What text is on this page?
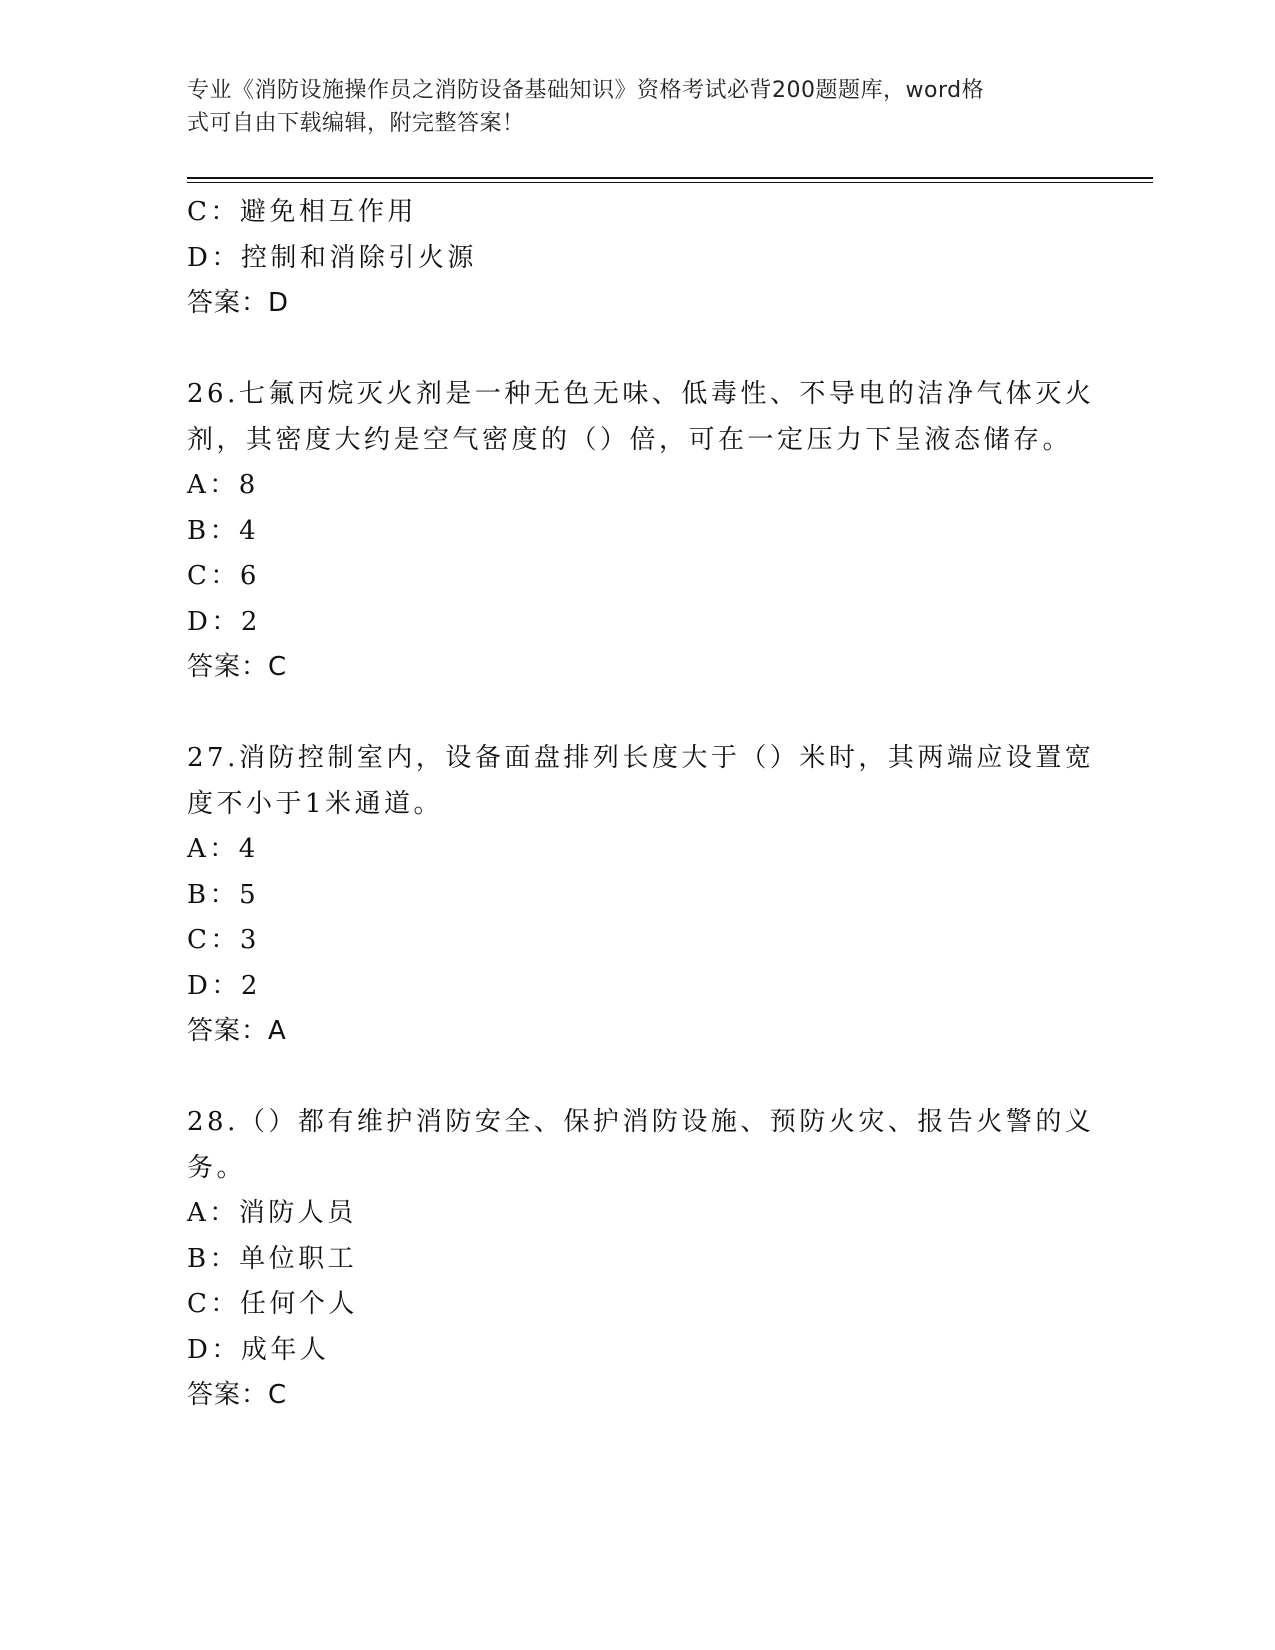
专业《消防设施操作员之消防设备基础知识》资格考试必背200题题库，word格
式可自由下载编辑，附完整答案！
C：避免相互作用
D：控制和消除引火源
答案：D
26.七氟丙烷灭火剂是一种无色无味、低毒性、不导电的洁净气体灭火
剂，其密度大约是空气密度的（）倍，可在一定压力下呈液态储存。
A：8
B：4
C：6
D：2
答案：C
27.消防控制室内，设备面盘排列长度大于（）米时，其两端应设置宽
度不小于1米通道。
A：4
B：5
C：3
D：2
答案：A
28.（）都有维护消防安全、保护消防设施、预防火灾、报告火警的义
务。
A：消防人员
B：单位职工
C：任何个人
D：成年人
答案：C
